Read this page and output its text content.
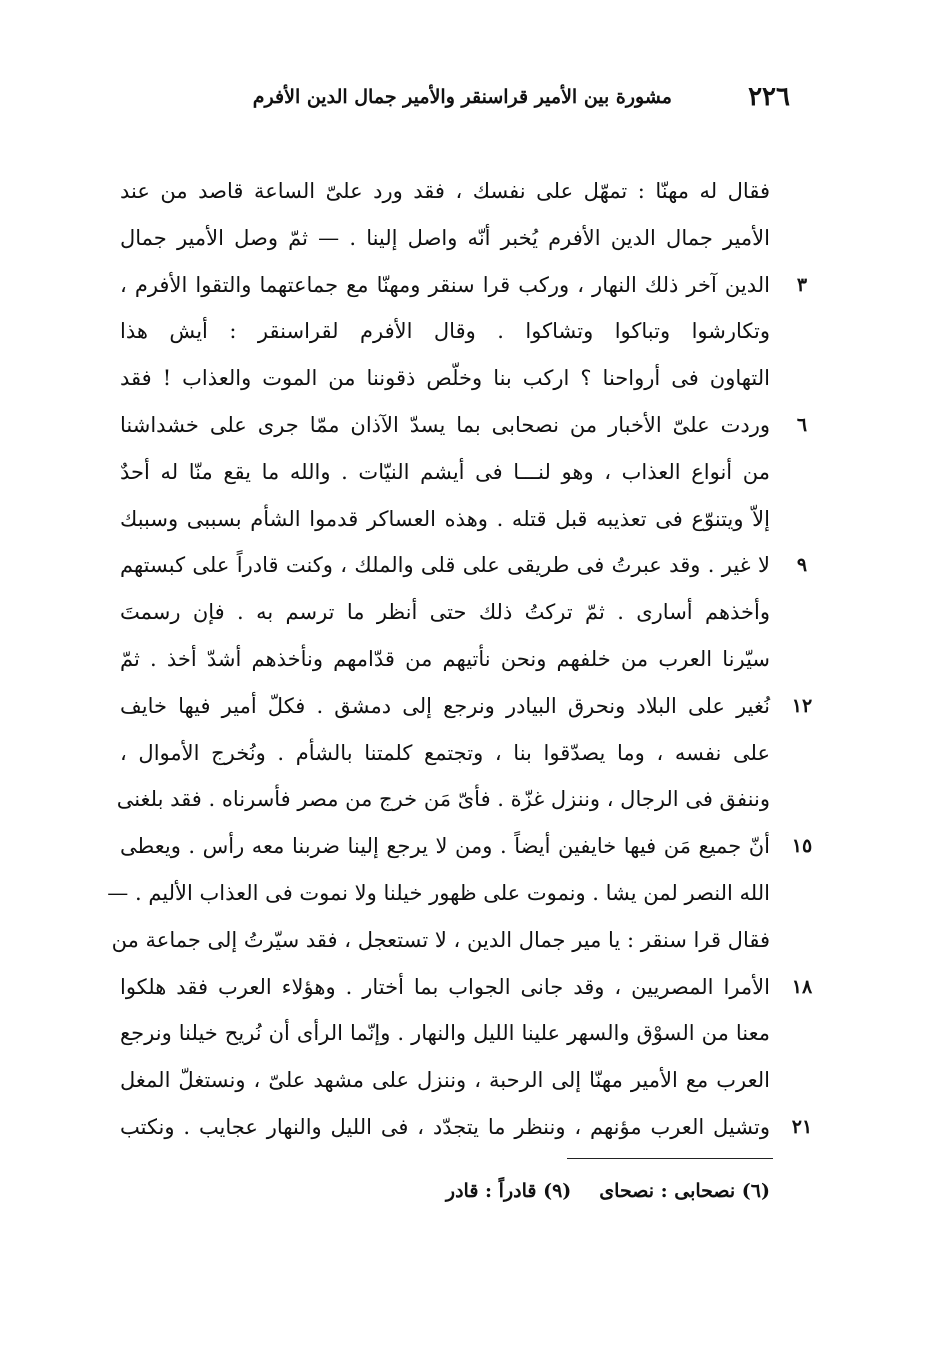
٢٢٦
مشورة بين الأمير قراسنقر والأمير جمال الدين الأفرم
فقال له مهنّا : تمهّل على نفسك ، فقد ورد علىّ الساعة قاصد من عند
الأمير جمال الدين الأفرم يُخبر أنّه واصل إلينا . — ثمّ وصل الأمير جمال
الدين آخر ذلك النهار ، وركب قرا سنقر ومهنّا مع جماعتهما والتقوا الأفرم ،	٣
وتكارشوا وتباكوا وتشاكوا . وقال الأفرم لقراسنقر : أيش هذا
التهاون فى أرواحنا ؟ اركب بنا وخلّص ذقوننا من الموت والعذاب ! فقد
وردت علىّ الأخبار من نصحابى بما يسدّ الآذان ممّا جرى على خشداشنا	٦
من أنواع العذاب ، وهو لنـــا فى أيشم النيّات . والله ما يقع منّا له أحدٌ
إلاّ ويتنوّع فى تعذيبه قبل قتله . وهذه العساكر قدموا الشأم بسببى وسببك
لا غير . وقد عبرتُ فى طريقى على قلى والملك ، وكنت قادراً على كبستهم	٩
وأخذهم أسارى . ثمّ تركتُ ذلك حتى أنظر ما ترسم به . فإن رسمتَ
سيّرنا العرب من خلفهم ونحن نأتيهم من قدّامهم ونأخذهم أشدّ أخذ . ثمّ
نُغير على البلاد ونحرق البيادر ونرجع إلى دمشق . فكلّ أمير فيها خايف	١٢
على نفسه ، وما يصدّقوا بنا ، وتجتمع كلمتنا بالشأم . ونُخرج الأموال ،
وننفق فى الرجال ، وننزل غزّة . فأىّ مَن خرج من مصر فأسرناه . فقد بلغنى
أنّ جميع مَن فيها خايفين أيضاً . ومن لا يرجع إلينا ضربنا معه رأس . ويعطى	١٥
الله النصر لمن يشا . ونموت على ظهور خيلنا ولا نموت فى العذاب الأليم . —
فقال قرا سنقر : يا مير جمال الدين ، لا تستعجل ، فقد سيّرتُ إلى جماعة من
الأمرا المصريين ، وقد جانى الجواب بما أختار . وهؤلاء العرب فقد هلكوا	١٨
معنا من السوْق والسهر علينا الليل والنهار . وإنّما الرأى أن نُريح خيلنا ونرجع
العرب مع الأمير مهنّا إلى الرحبة ، وننزل على مشهد علىّ ، ونستغلّ المغل
وتشيل العرب مؤنهم ، وننظر ما يتجدّد ، فى الليل والنهار عجايب . ونكتب	٢١
(٦) نصحابى : نصحاى(٩) قادراً : قادر
